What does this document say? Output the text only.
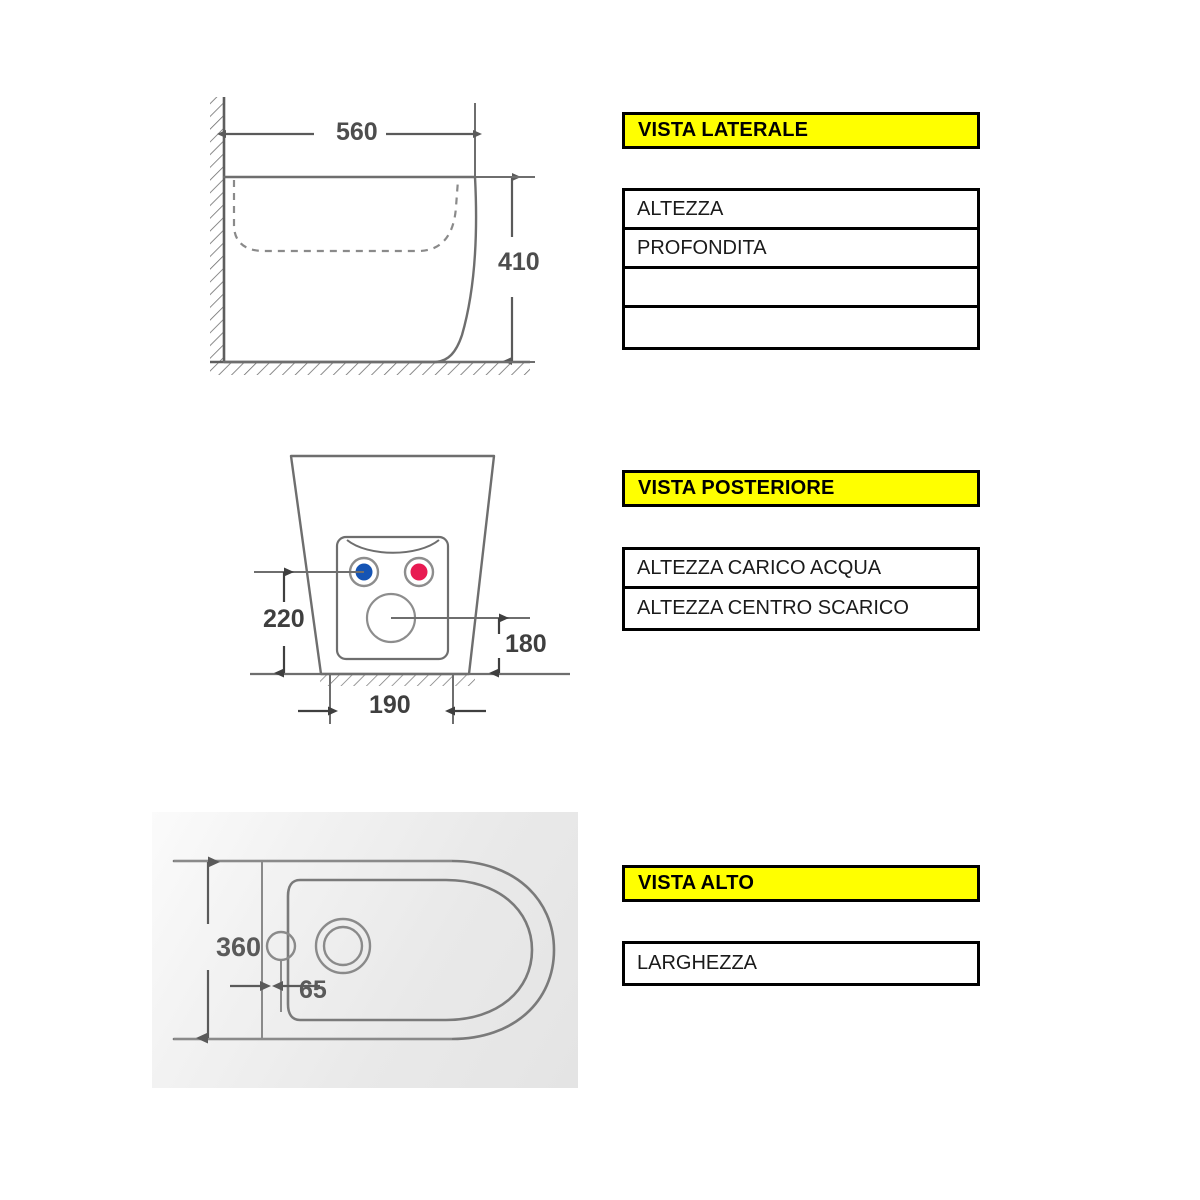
560
410
VISTA LATERALE
ALTEZZA
PROFONDITA
220
180
190
VISTA POSTERIORE
ALTEZZA CARICO ACQUA
ALTEZZA CENTRO SCARICO
360
65
VISTA ALTO
LARGHEZZA
